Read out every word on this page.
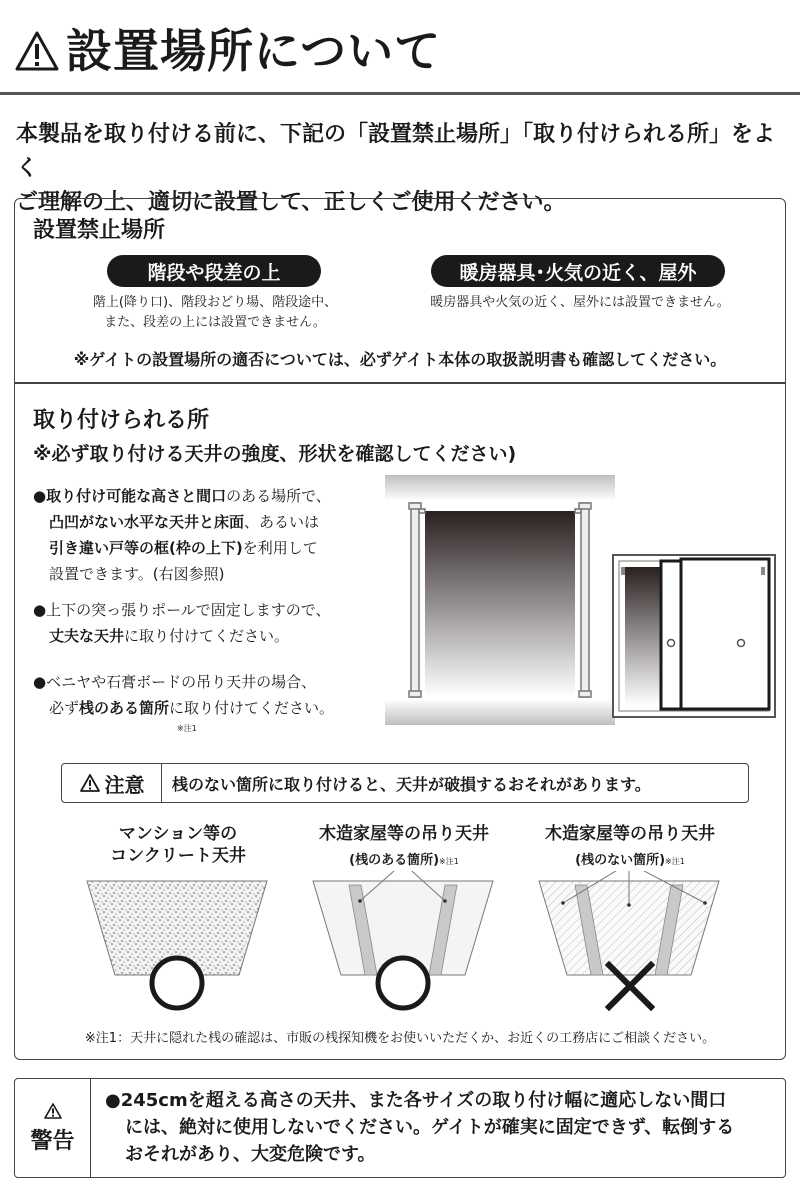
設置場所について
本製品を取り付ける前に、下記の「設置禁止場所」「取り付けられる所」をよく
ご理解の上、適切に設置して、正しくご使用ください。
設置禁止場所
階段や段差の上
階上(降り口)、階段おどり場、階段途中、
また、段差の上には設置できません。
暖房器具･火気の近く、屋外
暖房器具や火気の近く、屋外には設置できません。
※ゲイトの設置場所の適否については、必ずゲイト本体の取扱説明書も確認してください。
取り付けられる所
※必ず取り付ける天井の強度、形状を確認してください)
●取り付け可能な高さと間口のある場所で、
凸凹がない水平な天井と床面、あるいは
引き違い戸等の框(枠の上下)を利用して
設置できます。(右図参照)
●上下の突っ張りポールで固定しますので、
丈夫な天井に取り付けてください。
●ベニヤや石膏ボードの吊り天井の場合、
必ず桟のある箇所に取り付けてください。
※注1
注意	桟のない箇所に取り付けると、天井が破損するおそれがあります。
マンション等の
コンクリート天井
木造家屋等の吊り天井
(桟のある箇所)※注1
木造家屋等の吊り天井
(桟のない箇所)※注1
※注1：天井に隠れた桟の確認は、市販の桟探知機をお使いいただくか、お近くの工務店にご相談ください。
警告
●245cmを超える高さの天井、また各サイズの取り付け幅に適応しない間口
には、絶対に使用しないでください。ゲイトが確実に固定できず、転倒する
おそれがあり、大変危険です。
